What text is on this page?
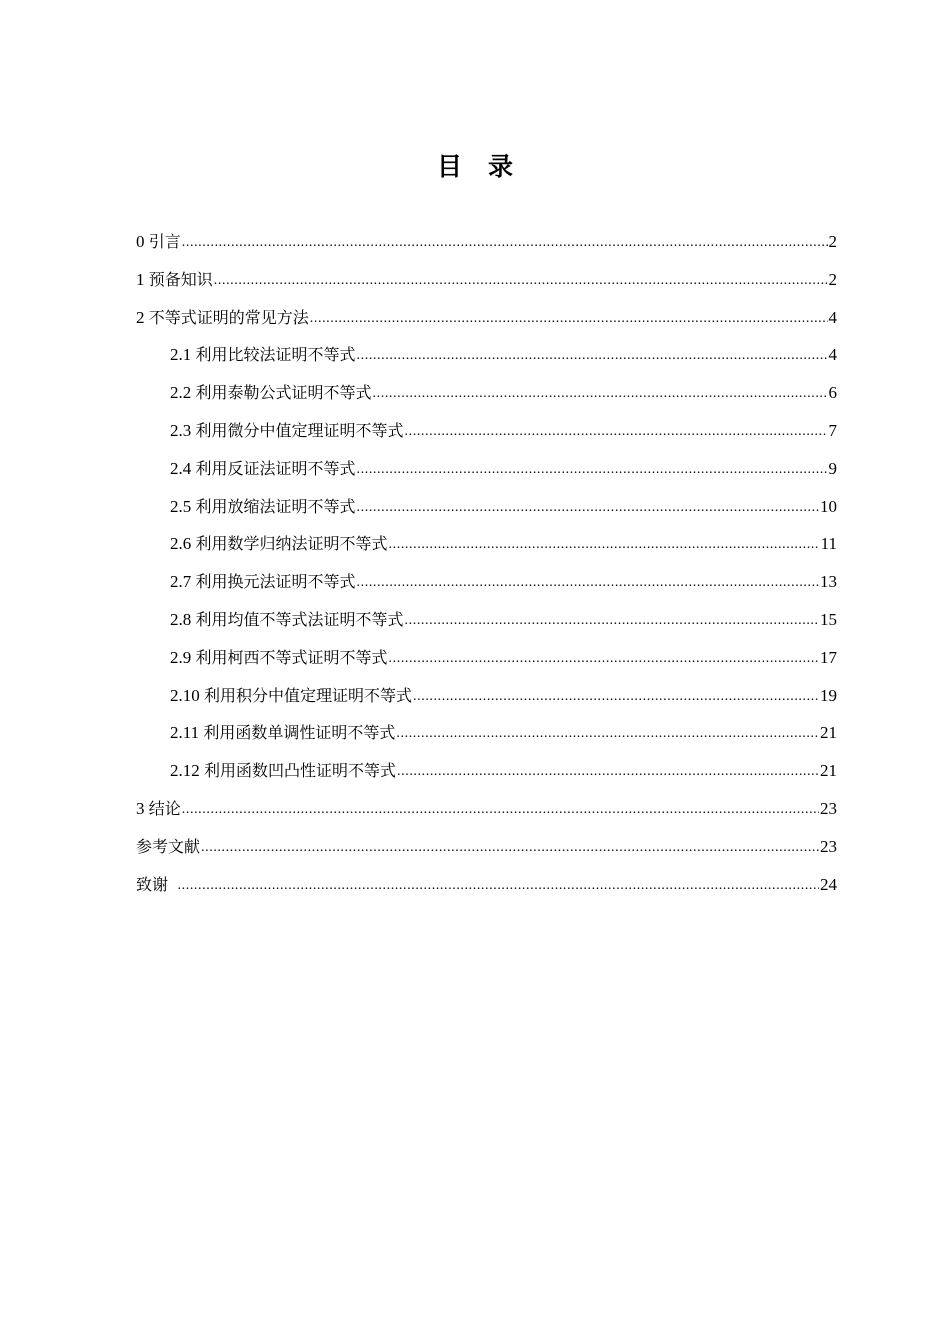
目 录
0 引言 .....	2
1 预备知识 .....	2
2 不等式证明的常见方法 .....	4
2.1 利用比较法证明不等式 .....	4
2.2 利用泰勒公式证明不等式 .....	6
2.3 利用微分中值定理证明不等式 .....	7
2.4 利用反证法证明不等式 .....	9
2.5 利用放缩法证明不等式 .....	10
2.6 利用数学归纳法证明不等式 .....	11
2.7 利用换元法证明不等式 .....	13
2.8 利用均值不等式法证明不等式 .....	15
2.9 利用柯西不等式证明不等式 .....	17
2.10 利用积分中值定理证明不等式 .....	19
2.11 利用函数单调性证明不等式 .....	21
2.12 利用函数凹凸性证明不等式 .....	21
3 结论 .....	23
参考文献 .....	23
致谢 .....	24
